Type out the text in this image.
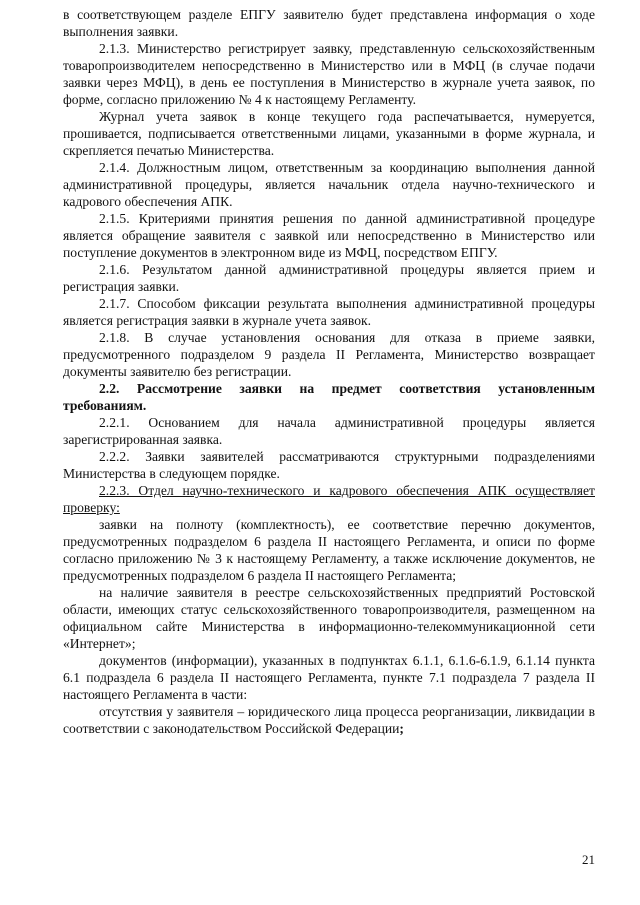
в соответствующем разделе ЕПГУ заявителю будет представлена информация о ходе выполнения заявки.

2.1.3. Министерство регистрирует заявку, представленную сельскохозяйственным товаропроизводителем непосредственно в Министерство или в МФЦ (в случае подачи заявки через МФЦ), в день ее поступления в Министерство в журнале учета заявок, по форме, согласно приложению № 4 к настоящему Регламенту.

Журнал учета заявок в конце текущего года распечатывается, нумеруется, прошивается, подписывается ответственными лицами, указанными в форме журнала, и скрепляется печатью Министерства.

2.1.4. Должностным лицом, ответственным за координацию выполнения данной административной процедуры, является начальник отдела научно-технического и кадрового обеспечения АПК.

2.1.5. Критериями принятия решения по данной административной процедуре является обращение заявителя с заявкой или непосредственно в Министерство или поступление документов в электронном виде из МФЦ, посредством ЕПГУ.

2.1.6. Результатом данной административной процедуры является прием и регистрация заявки.

2.1.7. Способом фиксации результата выполнения административной процедуры является регистрация заявки в журнале учета заявок.

2.1.8. В случае установления основания для отказа в приеме заявки, предусмотренного подразделом 9 раздела II Регламента, Министерство возвращает документы заявителю без регистрации.

2.2. Рассмотрение заявки на предмет соответствия установленным требованиям.

2.2.1. Основанием для начала административной процедуры является зарегистрированная заявка.

2.2.2. Заявки заявителей рассматриваются структурными подразделениями Министерства в следующем порядке.

2.2.3. Отдел научно-технического и кадрового обеспечения АПК осуществляет проверку:

заявки на полноту (комплектность), ее соответствие перечню документов, предусмотренных подразделом 6 раздела II настоящего Регламента, и описи по форме согласно приложению № 3 к настоящему Регламенту, а также исключение документов, не предусмотренных подразделом 6 раздела II настоящего Регламента;

на наличие заявителя в реестре сельскохозяйственных предприятий Ростовской области, имеющих статус сельскохозяйственного товаропроизводителя, размещенном на официальном сайте Министерства в информационно-телекоммуникационной сети «Интернет»;

документов (информации), указанных в подпунктах 6.1.1, 6.1.6-6.1.9, 6.1.14 пункта 6.1 подраздела 6 раздела II настоящего Регламента, пункте 7.1 подраздела 7 раздела II настоящего Регламента в части:

отсутствия у заявителя – юридического лица процесса реорганизации, ликвидации в соответствии с законодательством Российской Федерации;

21
